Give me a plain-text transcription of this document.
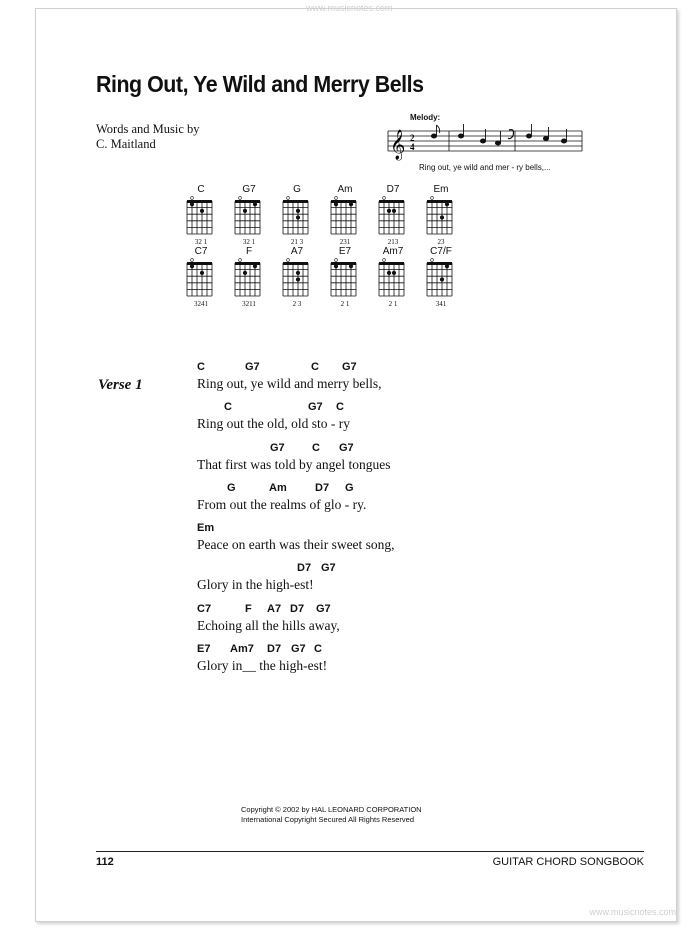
www.musicnotes.com
Ring Out, Ye Wild and Merry Bells
Words and Music by
C. Maitland
Melody:
𝄞 2
4
Ring out, ye wild and mer - ry bells,...
C
32 1
G7
32 1
G
21 3
Am
231
D7
213
Em
23
C7
3241
F
3211
A7
2 3
E7
2 1
Am7
2 1
C7/F
341
Verse 1
C	G7	C G7
Ring out, ye wild and merry bells,
C	G7 C
Ring out the old, old sto - ry
G7 C G7
That first was told by angel tongues
G	Am	D7 G
From out the realms of glo - ry.
Em
Peace on earth was their sweet song,
D7 G7
Glory in the high-est!
C7	F A7 D7 G7
Echoing all the hills away,
E7 Am7 D7 G7 C
Glory in__ the high-est!
Copyright © 2002 by HAL LEONARD CORPORATION
International Copyright Secured All Rights Reserved
112	GUITAR CHORD SONGBOOK
www.musicnotes.com
